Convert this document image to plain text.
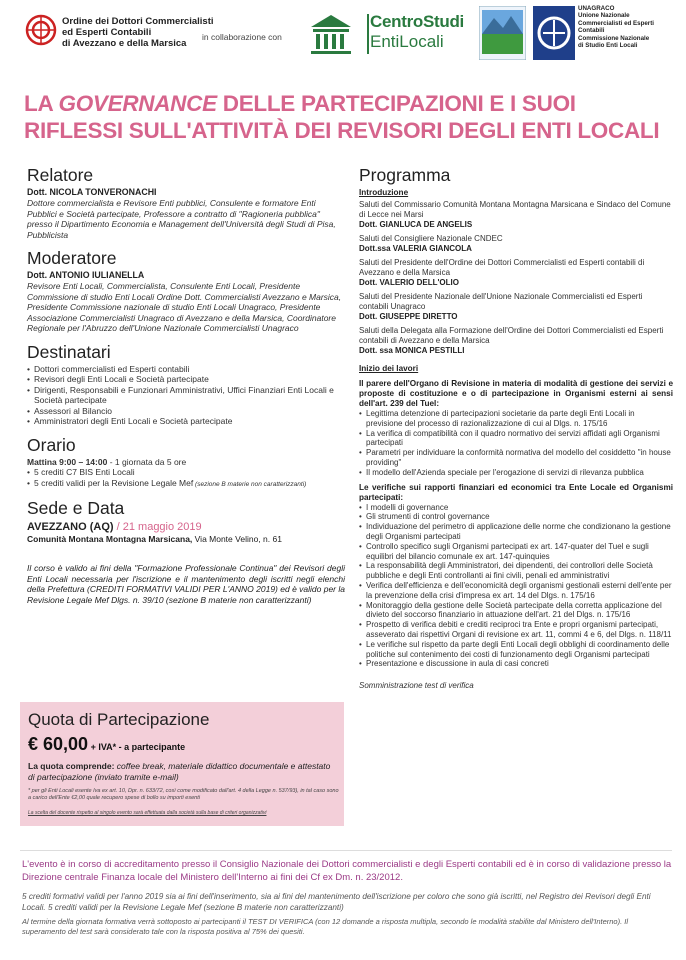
Ordine dei Dottori Commercialisti
ed Esperti Contabili
di Avezzano e della Marsica
in collaborazione con
CentroStudi
EntiLocali
UNAGRACO
Unione Nazionale
Commercialisti ed Esperti
Contabili
Commissione Nazionale
di Studio Enti Locali
LA GOVERNANCE DELLE PARTECIPAZIONI E I SUOI
RIFLESSI SULL'ATTIVITÀ DEI REVISORI DEGLI ENTI LOCALI
Relatore
Dott. NICOLA TONVERONACHI
Dottore commercialista e Revisore Enti pubblici, Consulente e formatore Enti Pubblici e Società partecipate, Professore a contratto di "Ragioneria pubblica" presso il Dipartimento Economia e Management dell'Università degli Studi di Pisa, Pubblicista
Moderatore
Dott. ANTONIO IULIANELLA
Revisore Enti Locali, Commercialista, Consulente Enti Locali, Presidente Commissione di studio Enti Locali Ordine Dott. Commercialisti Avezzano e Marsica, Presidente Commissione nazionale di studio Enti Locali Unagraco, Presidente Associazione Commercialisti Unagraco di Avezzano e della Marsica, Coordinatore Regionale per l'Abruzzo dell'Unione Nazionale Commercialisti Unagraco
Destinatari
• Dottori commercialisti ed Esperti contabili
• Revisori degli Enti Locali e Società partecipate
• Dirigenti, Responsabili e Funzionari Amministrativi, Uffici Finanziari Enti Locali e Società partecipate
• Assessori al Bilancio
• Amministratori degli Enti Locali e Società partecipate
Orario
Mattina 9:00 – 14:00 - 1 giornata da 5 ore
• 5 crediti C7 BIS Enti Locali
• 5 crediti validi per la Revisione Legale Mef (sezione B materie non caratterizzanti)
Sede e Data
AVEZZANO (AQ) / 21 maggio 2019
Comunità Montana Montagna Marsicana, Via Monte Velino, n. 61
Il corso è valido ai fini della "Formazione Professionale Continua" dei Revisori degli Enti Locali necessaria per l'iscrizione e il mantenimento degli iscritti negli elenchi della Prefettura (CREDITI FORMATIVI VALIDI PER L'ANNO 2019) ed è valido per la Revisione Legale Mef Dlgs. n. 39/10 (sezione B materie non caratterizzanti)
Quota di Partecipazione
€ 60,00 + IVA* - a partecipante
La quota comprende: coffee break, materiale didattico documentale e attestato di partecipazione (inviato tramite e-mail)
* per gli Enti Locali esente Iva ex art. 10, Dpr. n. 633/72, così come modificato dall'art. 4 della Legge n. 537/93), in tal caso sono a carico dell'Ente €2,00 quale recupero spese di bollo su importi esenti
La scelta del docente rispetto al singolo evento sarà effettuata dalla società sulla base di criteri organizzativi
Programma
Introduzione
Saluti del Commissario Comunità Montana Montagna Marsicana e Sindaco del Comune di Lecce nei Marsi
Dott. GIANLUCA DE ANGELIS
Saluti del Consigliere Nazionale CNDEC
Dott.ssa VALERIA GIANCOLA
Saluti del Presidente dell'Ordine dei Dottori Commercialisti ed Esperti contabili di Avezzano e della Marsica
Dott. VALERIO DELL'OLIO
Saluti del Presidente Nazionale dell'Unione Nazionale Commercialisti ed Esperti contabili Unagraco
Dott. GIUSEPPE DIRETTO
Saluti della Delegata alla Formazione dell'Ordine dei Dottori Commercialisti ed Esperti contabili di Avezzano e della Marsica
Dott. ssa MONICA PESTILLI
Inizio dei lavori
Il parere dell'Organo di Revisione in materia di modalità di gestione dei servizi e proposte di costituzione e o di partecipazione in Organismi esterni ai sensi dell'art. 239 del Tuel:
• Legittima detenzione di partecipazioni societarie da parte degli Enti Locali in previsione del processo di razionalizzazione di cui al Dlgs. n. 175/16
• La verifica di compatibilità con il quadro normativo dei servizi affidati agli Organismi partecipati
• Parametri per individuare la conformità normativa del modello del cosiddetto "in house providing"
• Il modello dell'Azienda speciale per l'erogazione di servizi di rilevanza pubblica
Le verifiche sui rapporti finanziari ed economici tra Ente Locale ed Organismi partecipati:
• I modelli di governance
• Gli strumenti di control governance
• Individuazione del perimetro di applicazione delle norme che condizionano la gestione degli Organismi partecipati
• Controllo specifico sugli Organismi partecipati ex art. 147-quater del Tuel e sugli equilibri del bilancio comunale ex art. 147-quinquies
• La responsabilità degli Amministratori, dei dipendenti, dei controllori delle Società pubbliche e degli Enti controllanti ai fini civili, penali ed amministrativi
• Verifica dell'efficienza e dell'economicità degli organismi gestionali esterni dell'ente per la prevenzione della crisi d'impresa ex art. 14 del Dlgs. n. 175/16
• Monitoraggio della gestione delle Società partecipate della corretta applicazione del divieto del soccorso finanziario in attuazione dell'art. 21 del Dlgs. n. 175/16
• Prospetto di verifica debiti e crediti reciproci tra Ente e propri organismi partecipati, asseverato dai rispettivi Organi di revisione ex art. 11, commi 4 e 6, del Dlgs. n. 118/11
• Le verifiche sul rispetto da parte degli Enti Locali degli obblighi di coordinamento delle politiche sul contenimento dei costi di funzionamento degli Organismi partecipati
• Presentazione e discussione in aula di casi concreti
Somministrazione test di verifica
L'evento è in corso di accreditamento presso il Consiglio Nazionale dei Dottori commercialisti e degli Esperti contabili ed è in corso di validazione presso la Direzione centrale Finanza locale del Ministero dell'Interno ai fini dei Cf ex Dm. n. 23/2012.
5 crediti formativi validi per l'anno 2019 sia ai fini dell'inserimento, sia ai fini del mantenimento dell'iscrizione per coloro che sono già iscritti, nel Registro dei Revisori degli Enti Locali. 5 crediti validi per la Revisione Legale Mef (sezione B materie non caratterizzanti)
Al termine della giornata formativa verrà sottoposto ai partecipanti il TEST DI VERIFICA (con 12 domande a risposta multipla, secondo le modalità stabilite dal Ministero dell'Interno). Il superamento del test sarà considerato tale con la risposta positiva al 75% dei quesiti.
